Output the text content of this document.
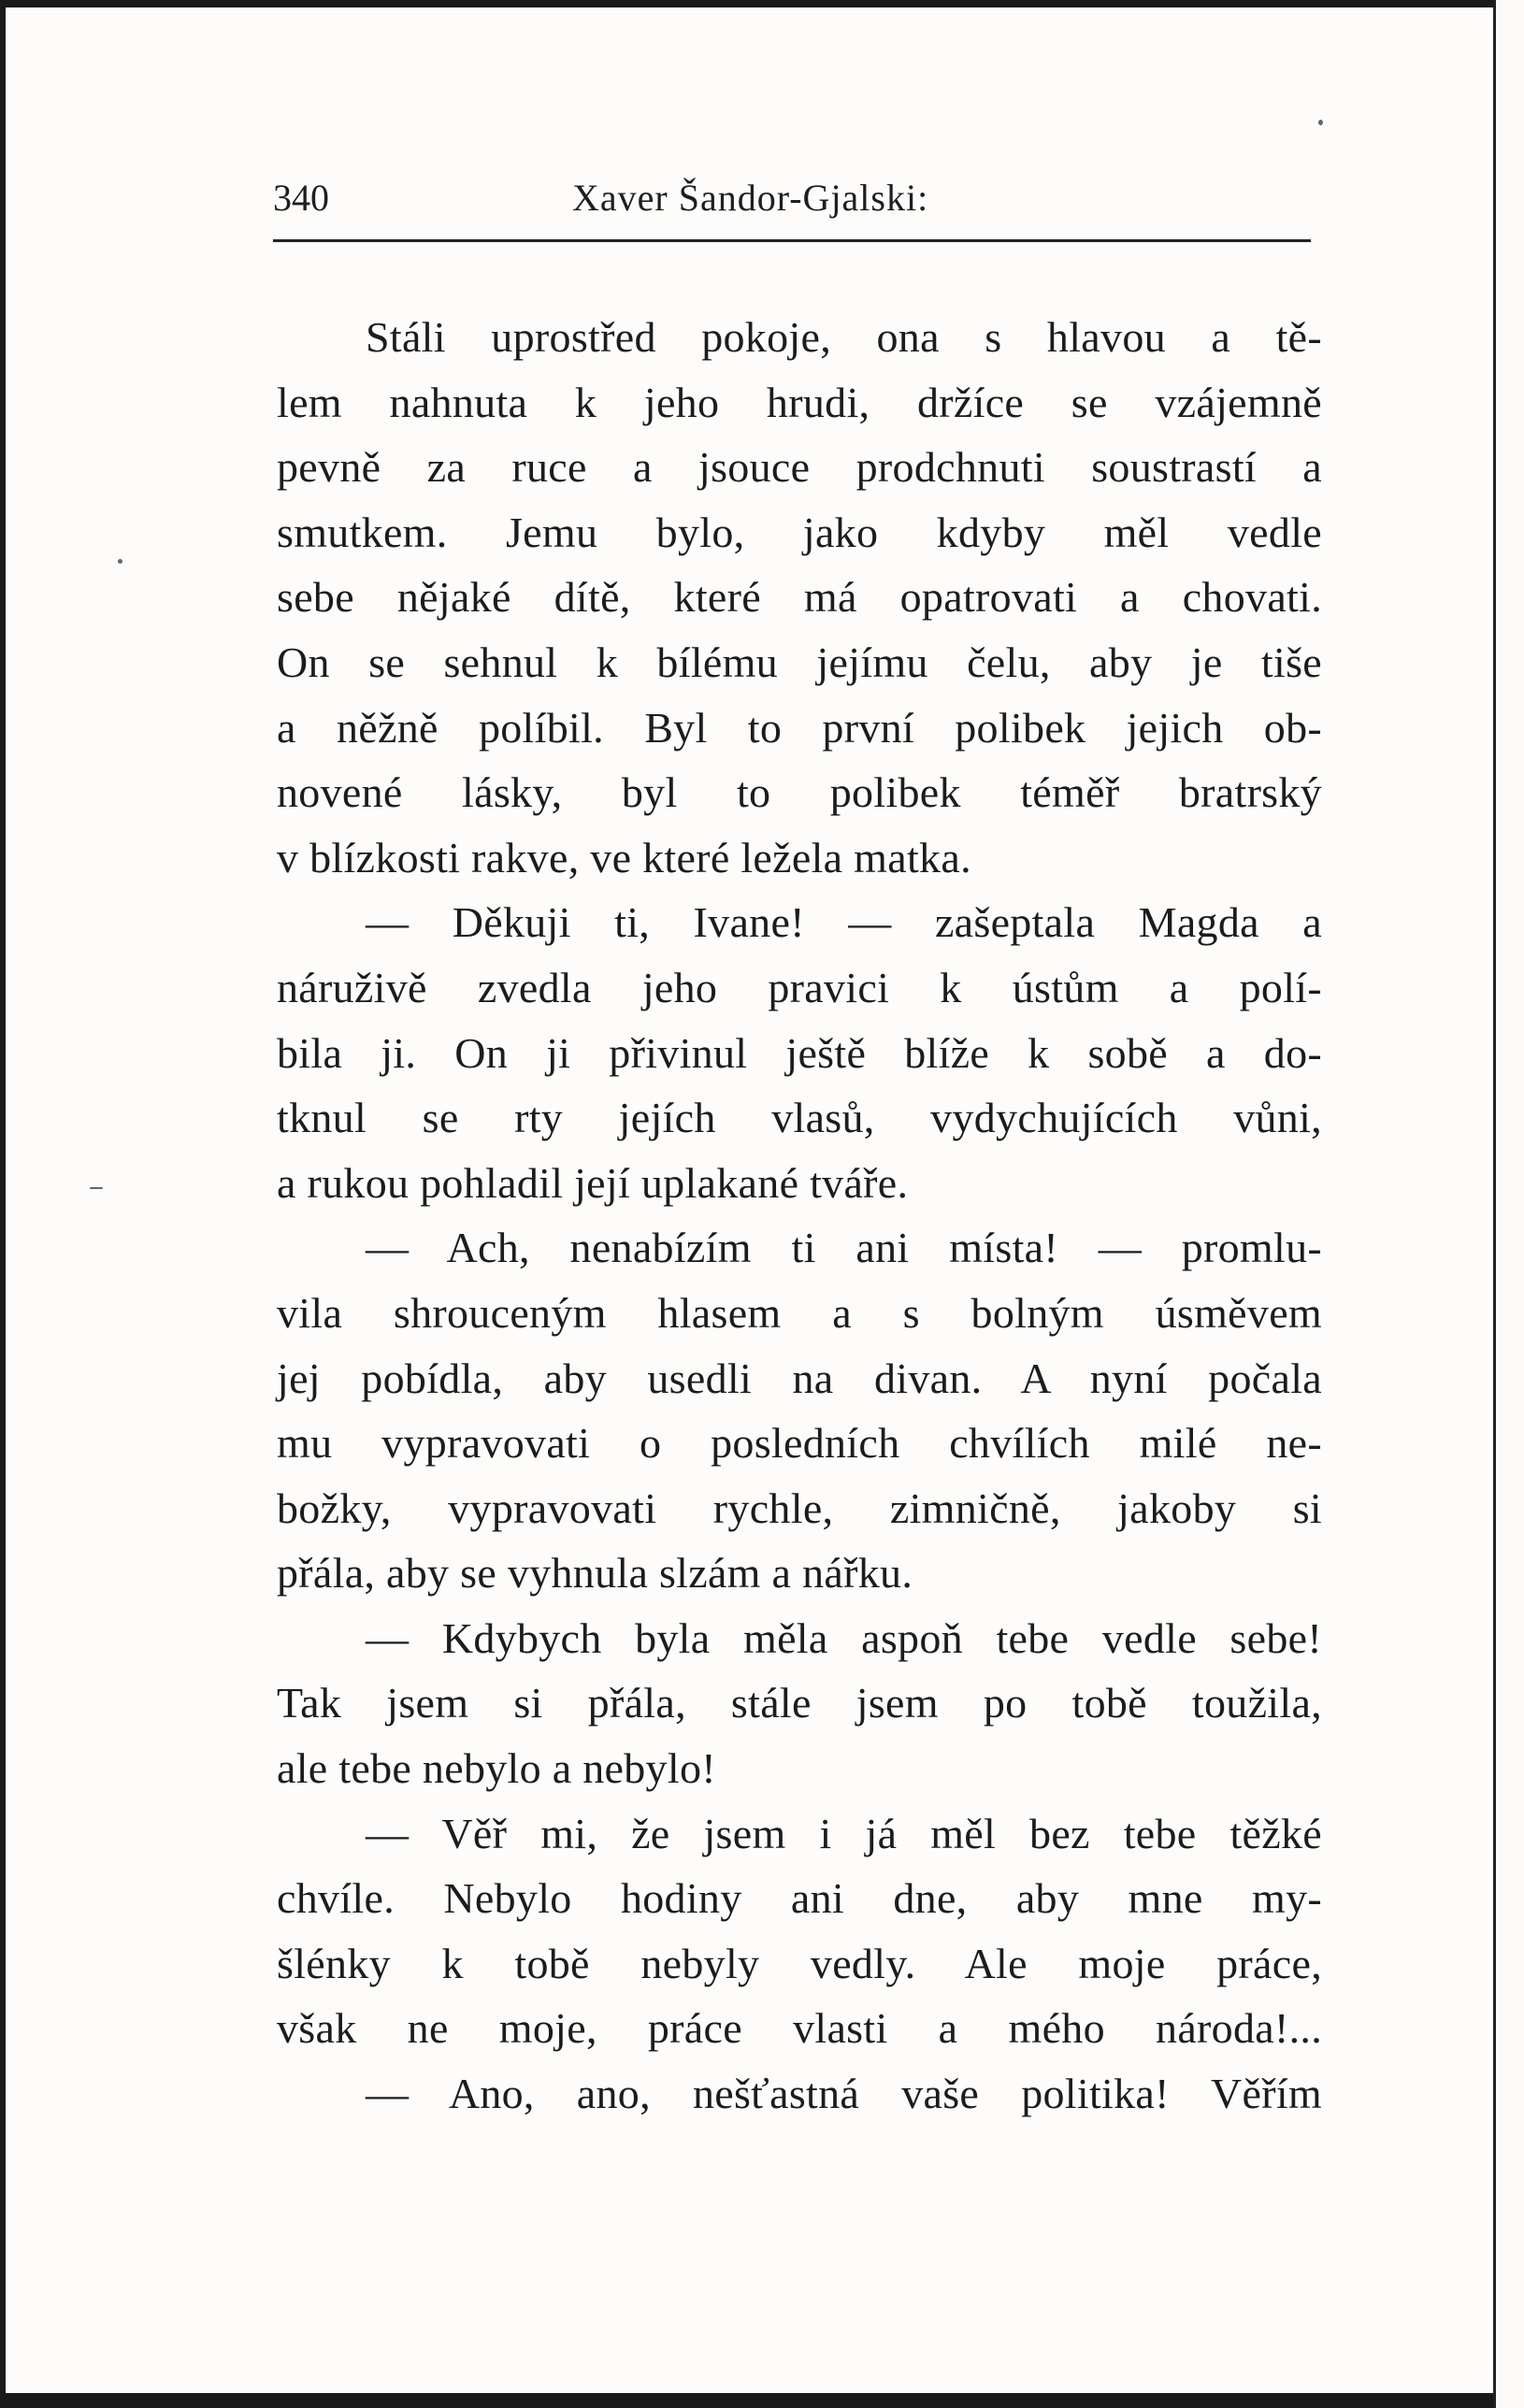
340	Xaver Šandor-Gjalski:
Stáli uprostřed pokoje, ona s hlavou a tě-
lem nahnuta k jeho hrudi, držíce se vzájemně
pevně za ruce a jsouce prodchnuti soustrastí a
smutkem. Jemu bylo, jako kdyby měl vedle
sebe nějaké dítě, které má opatrovati a chovati.
On se sehnul k bílému jejímu čelu, aby je tiše
a něžně políbil. Byl to první polibek jejich ob-
novené lásky, byl to polibek téměř bratrský
v blízkosti rakve, ve které ležela matka.
— Děkuji ti, Ivane! — zašeptala Magda a
náruživě zvedla jeho pravici k ústům a polí-
bila ji. On ji přivinul ještě blíže k sobě a do-
tknul se rty jejích vlasů, vydychujících vůni,
a rukou pohladil její uplakané tváře.
— Ach, nenabízím ti ani místa! — promlu-
vila shrouceným hlasem a s bolným úsměvem
jej pobídla, aby usedli na divan. A nyní počala
mu vypravovati o posledních chvílích milé ne-
božky, vypravovati rychle, zimničně, jakoby si
přála, aby se vyhnula slzám a nářku.
— Kdybych byla měla aspoň tebe vedle sebe!
Tak jsem si přála, stále jsem po tobě toužila,
ale tebe nebylo a nebylo!
— Věř mi, že jsem i já měl bez tebe těžké
chvíle. Nebylo hodiny ani dne, aby mne my-
šlénky k tobě nebyly vedly. Ale moje práce,
však ne moje, práce vlasti a mého národa!...
— Ano, ano, nešťastná vaše politika! Věřím
